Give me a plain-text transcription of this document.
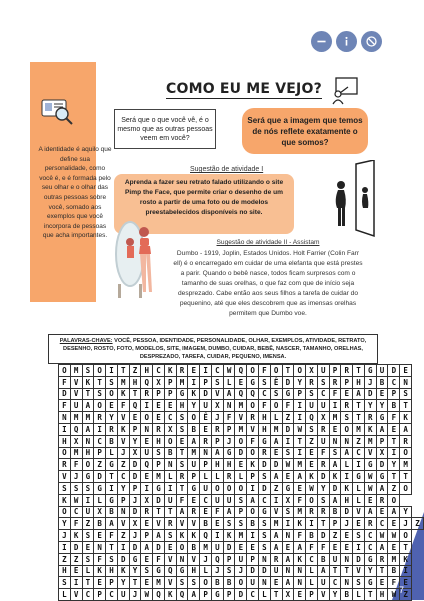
A identidade é aquilo que define sua personalidade, como você é, e é formada pelo seu olhar e o olhar das outras pessoas sobre você, somado aos exemplos que você incorpora de pessoas que acha importantes.
COMO EU ME VEJO?
Será que o que você vê, é o mesmo que as outras pessoas veem em você?
Será que a imagem que temos de nós reflete exatamente o que somos?
Sugestão de atividade I
Aprenda a fazer seu retrato falado utilizando o site Pimp the Face, que permite criar o desenho de um rosto a partir de uma foto ou de modelos preestabelecidos disponíveis no site.
Sugestão de atividade II - Assistam
Dumbo - 1919, Joplin, Estados Unidos. Holt Farrier (Colin Farr ell) é o encarregado em cuidar de uma elefanta que está prestes a parir. Quando o bebê nasce, todos ficam surpresos com o tamanho de suas orelhas, o que faz com que de início seja desprezado. Cabe então aos seus filhos a tarefa de cuidar do pequenino, até que eles descobrem que as imensas orelhas permitem que Dumbo voe.
PALAVRAS-CHAVE: VOCÊ, PESSOA, IDENTIDADE, PERSONALIDADE, OLHAR, EXEMPLOS, ATIVIDADE, RETRATO, DESENHO, ROSTO, FOTO, MODELOS, SITE, IMAGEM, DUMBO, CUIDAR, BEBÊ, NASCER, TAMANHO, ORELHAS, DESPREZADO, TAREFA, CUIDAR, PEQUENO, IMENSA.
O	M	S	O	I	T	Z	H	C	K	R	E	I	C	W	Q	O	F	O	T	O	X	U	P	R	T	G	U	D	E	
F	V	K	T	S	M	H	Q	X	P	M	I	P	S	L	E	G	S	Ê	D	Y	R	S	R	P	H	J	B	C	N	
D	V	T	S	O	K	T	R	P	P	G	K	D	V	A	Q	Q	C	S	G	P	S	C	F	E	A	D	E	P	S	
F	U	A	O	E	F	Q	I	E	E	H	Y	U	X	N	M	O	F	O	F	I	U	U	I	R	T	Y	Y	B	T	
N	M	M	R	Y	V	E	O	E	C	S	O	Ê	J	F	V	R	H	L	Z	I	Q	X	M	S	T	R	G	F	K	
I	Q	A	I	R	K	P	N	R	X	S	B	E	R	P	M	V	H	M	D	W	S	R	E	O	M	K	A	E	A	
H	X	N	C	B	V	Y	E	H	O	E	A	R	P	J	O	F	G	A	I	T	Z	U	N	N	Z	M	P	T	R	
O	M	H	P	L	J	X	U	S	B	T	M	N	A	G	D	O	R	E	S	I	E	F	S	A	C	V	X	I	O	
R	F	O	Z	G	Z	D	Q	P	N	S	U	P	H	H	E	K	D	D	W	M	E	R	A	L	I	G	D	Y	M	
V	J	G	D	T	C	D	E	M	L	R	P	L	L	R	L	P	S	A	E	A	K	D	K	I	G	W	G	T	T	
S	S	S	G	I	Y	P	I	G	I	T	G	U	O	O	O	I	D	Z	G	E	W	Y	D	K	L	W	A	Z	O	
K	W	I	L	G	P	J	X	D	U	F	E	C	U	U	S	A	C	I	X	F	O	S	A	H	L	E	R	O		
O	C	U	X	B	N	D	R	T	T	A	R	E	F	A	P	O	G	V	S	M	R	R	B	D	V	A	E	A	Y	
Y	F	Z	B	A	V	X	E	V	R	V	V	B	E	S	S	B	S	M	I	K	I	T	P	J	E	R	C	E	J	Z
J	K	S	E	F	Z	J	P	A	S	K	K	Q	I	K	M	I	S	A	N	F	B	D	Z	E	S	C	W	W	O	
I	D	E	N	T	I	D	A	D	E	O	B	M	U	D	E	E	S	A	E	A	F	F	E	E	I	C	A	E	T	
Z	Z	S	F	S	D	G	E	F	V	N	V	J	Q	P	U	P	N	R	A	K	C	B	U	N	D	G	R	M	K	
H	E	L	K	H	K	Y	S	G	Q	G	H	L	J	S	J	D	D	U	N	N	L	A	T	T	V	Y	T	B	I	
S	I	T	E	P	Y	T	E	M	V	S	S	O	B	B	O	U	N	E	A	N	L	U	C	N	S	G	E	F	E	
L	V	C	P	C	U	J	W	Q	K	Q	A	P	G	P	D	C	L	T	X	E	P	V	Y	B	L	T	H	W	Z	
7
